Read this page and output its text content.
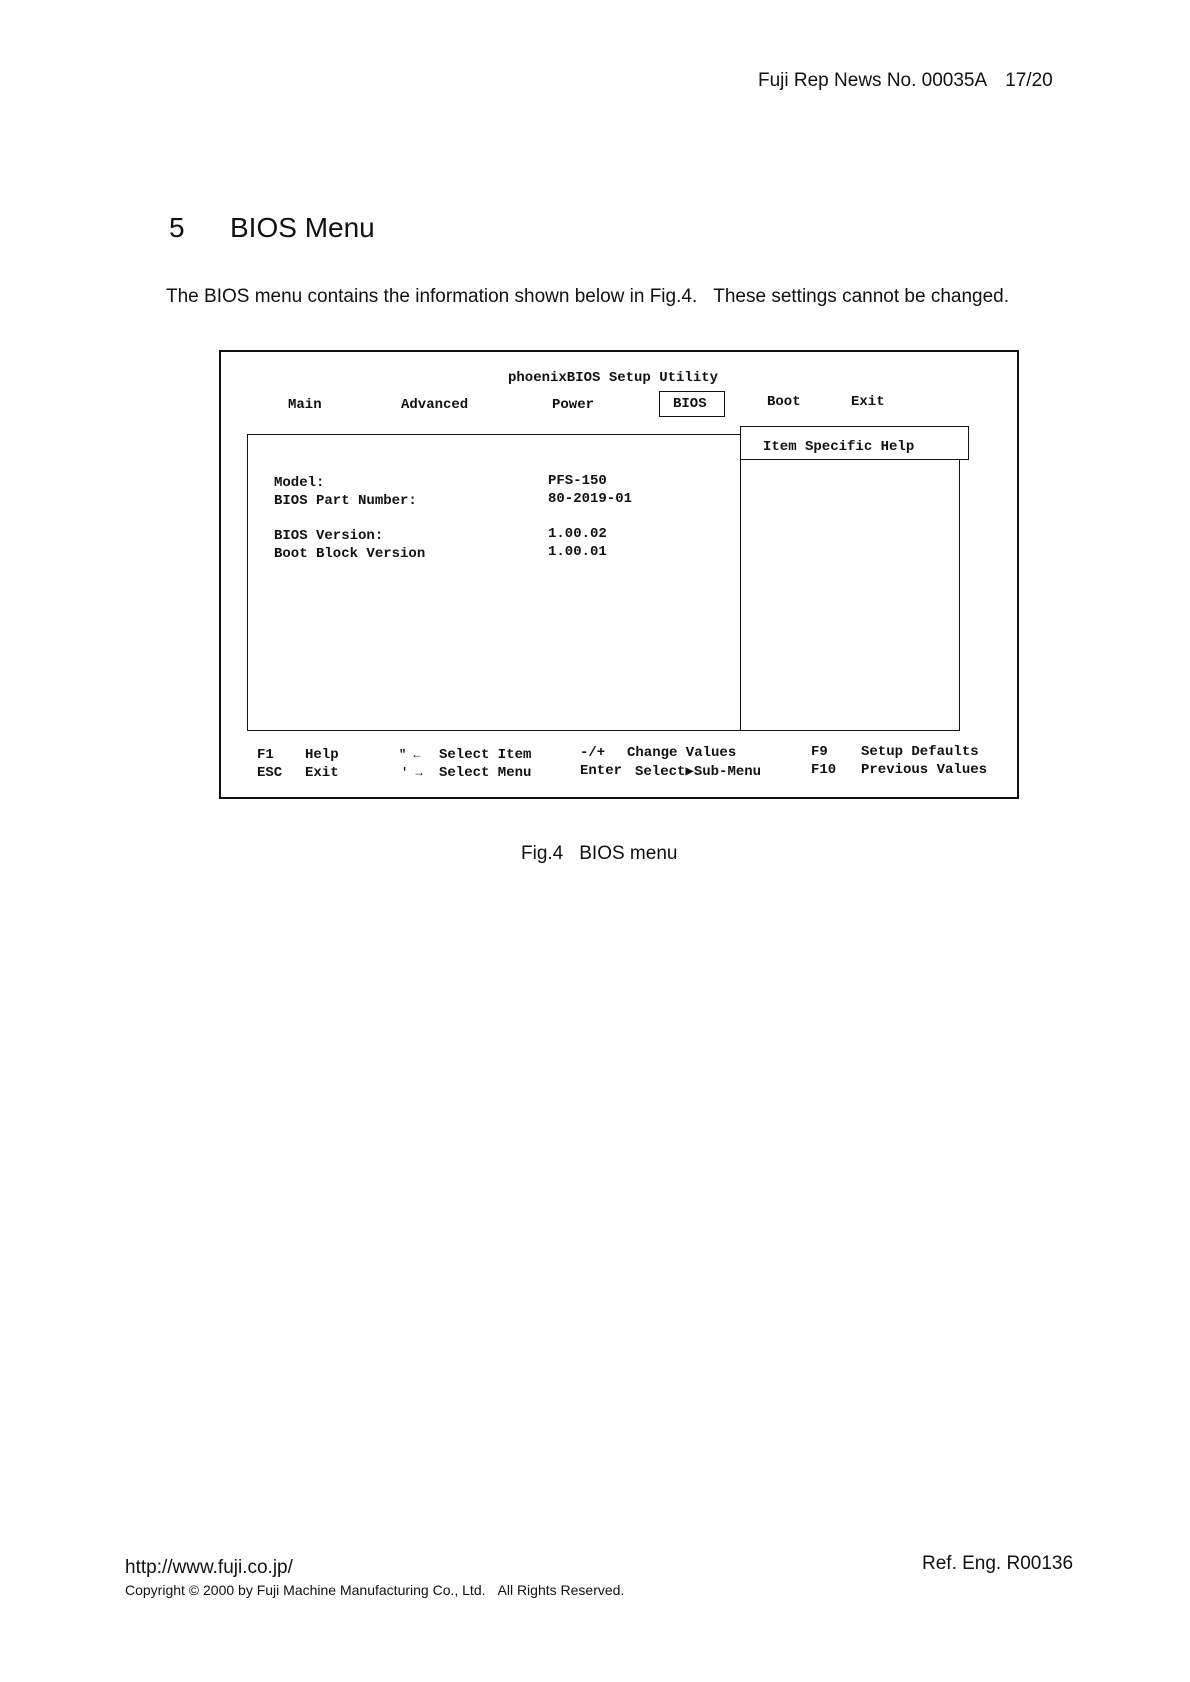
Fuji Rep News No. 00035A 17/20
5 BIOS Menu
The BIOS menu contains the information shown below in Fig.4. These settings cannot be changed.
phoenixBIOS Setup Utility
Main	Advanced	Power	BIOS	Boot	Exit
Item Specific Help
Model:	PFS-150
BIOS Part Number:	80-2019-01
BIOS Version:	1.00.02
Boot Block Version	1.00.01
F1 Help	" ← Select Item	-/+ Change Values	F9 Setup Defaults
ESC Exit	' → Select Menu	Enter Select▶Sub-Menu	F10 Previous Values
Fig.4 BIOS menu
http://www.fuji.co.jp/
Copyright © 2000 by Fuji Machine Manufacturing Co., Ltd. All Rights Reserved.
Ref. Eng. R00136
